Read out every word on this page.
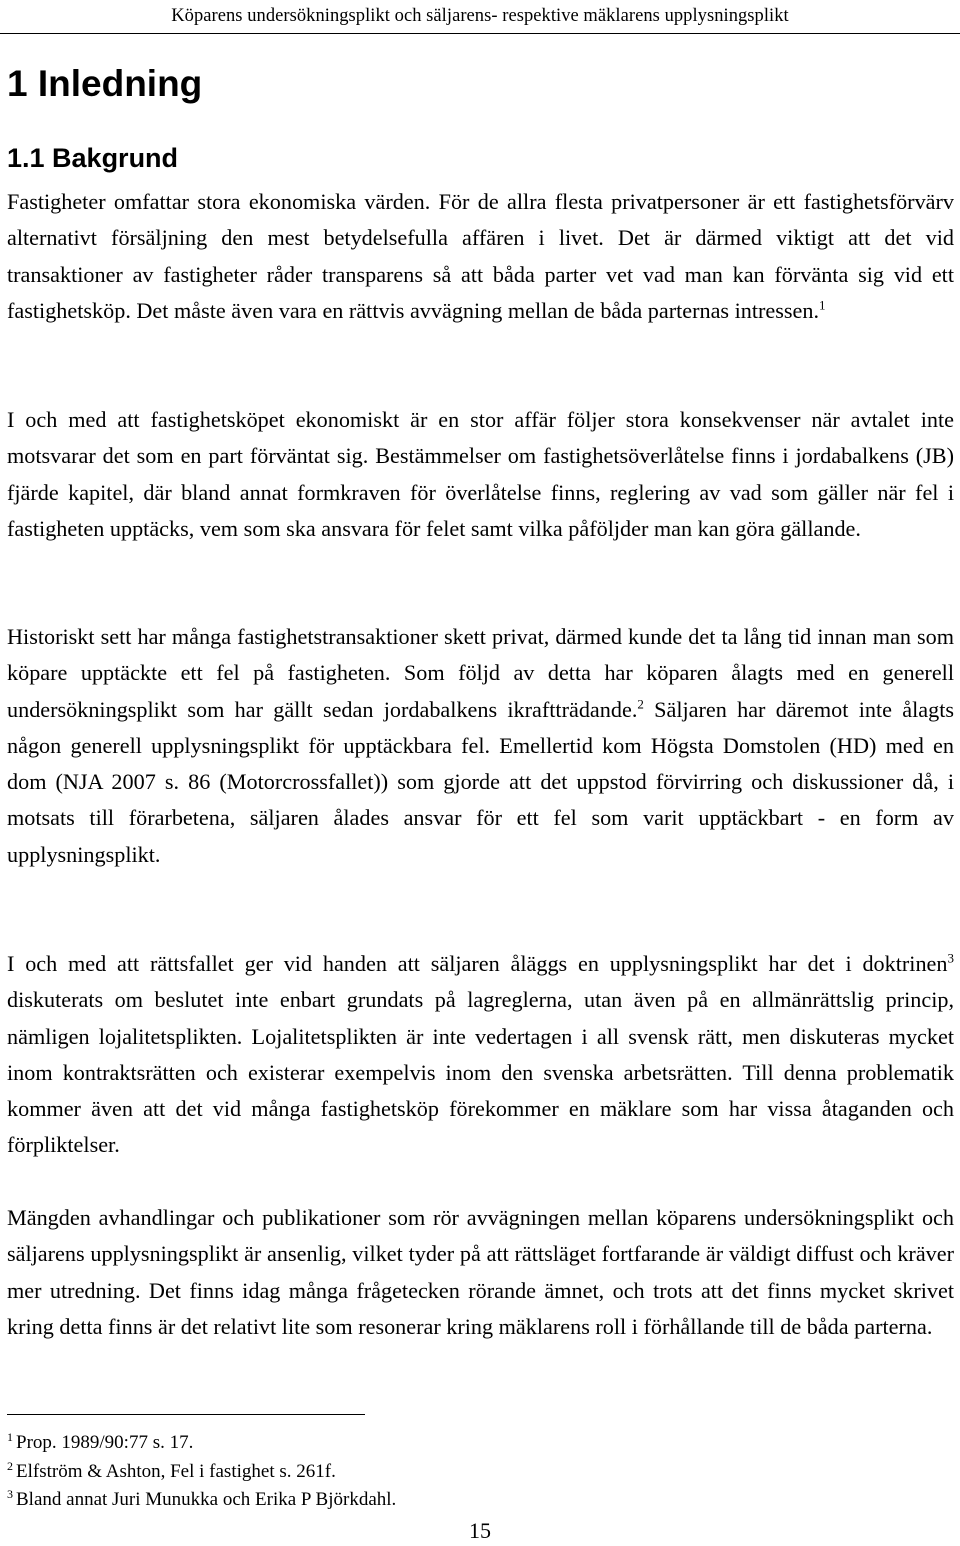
Köparens undersökningsplikt och säljarens- respektive mäklarens upplysningsplikt
1 Inledning
1.1 Bakgrund

Fastigheter omfattar stora ekonomiska värden. För de allra flesta privatpersoner är ett fastighetsförvärv alternativt försäljning den mest betydelsefulla affären i livet. Det är därmed viktigt att det vid transaktioner av fastigheter råder transparens så att båda parter vet vad man kan förvänta sig vid ett fastighetsköp. Det måste även vara en rättvis avvägning mellan de båda parternas intressen.$^1$

I och med att fastighetsköpet ekonomiskt är en stor affär följer stora konsekvenser när avtalet inte motsvarar det som en part förväntat sig. Bestämmelser om fastighetsöverlåtelse finns i jordabalkens (JB) fjärde kapitel, där bland annat formkraven för överlåtelse finns, reglering av vad som gäller när fel i fastigheten upptäcks, vem som ska ansvara för felet samt vilka påföljder man kan göra gällande.

Historiskt sett har många fastighetstransaktioner skett privat, därmed kunde det ta lång tid innan man som köpare upptäckte ett fel på fastigheten. Som följd av detta har köparen ålagts med en generell undersökningsplikt som har gällt sedan jordabalkens ikraftträdande.$^2$ Säljaren har däremot inte ålagts någon generell upplysningsplikt för upptäckbara fel. Emellertid kom Högsta Domstolen (HD) med en dom (NJA 2007 s. 86 (Motorcrossfallet)) som gjorde att det uppstod förvirring och diskussioner då, i motsats till förarbetena, säljaren ålades ansvar för ett fel som varit upptäckbart - en form av upplysningsplikt.

I och med att rättsfallet ger vid handen att säljaren åläggs en upplysningsplikt har det i doktrinen$^3$ diskuterats om beslutet inte enbart grundats på lagreglerna, utan även på en allmänrättslig princip, nämligen lojalitetsplikten. Lojalitetsplikten är inte vedertagen i all svensk rätt, men diskuteras mycket inom kontraktsrätten och existerar exempelvis inom den svenska arbetsrätten. Till denna problematik kommer även att det vid många fastighetsköp förekommer en mäklare som har vissa åtaganden och förpliktelser.

Mängden avhandlingar och publikationer som rör avvägningen mellan köparens undersökningsplikt och säljarens upplysningsplikt är ansenlig, vilket tyder på att rättsläget fortfarande är väldigt diffust och kräver mer utredning. Det finns idag många frågetecken rörande ämnet, och trots att det finns mycket skrivet kring detta finns är det relativt lite som resonerar kring mäklarens roll i förhållande till de båda parterna.

$^1$ Prop. 1989/90:77 s. 17.

$^2$ Elfström & Ashton, Fel i fastighet s. 261f.

$^3$ Bland annat Juri Munukka och Erika P Björkdahl.

15
